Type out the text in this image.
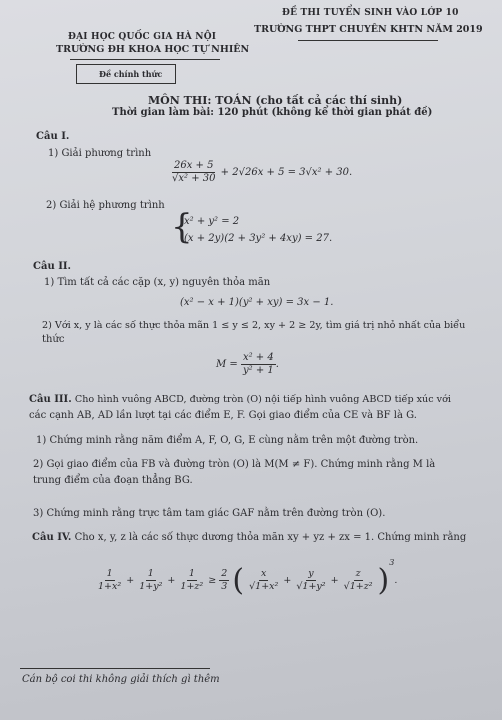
ĐẠI HỌC QUỐC GIA HÀ NỘI
TRƯỜNG ĐH KHOA HỌC TỰ NHIÊN
ĐỀ THI TUYỂN SINH VÀO LỚP 10
TRƯỜNG THPT CHUYÊN KHTN NĂM 2019
Đề chính thức
MÔN THI: TOÁN (cho tất cả các thí sinh)
Thời gian làm bài: 120 phút (không kể thời gian phát đề)
Câu I.
1) Giải phương trình
$\frac{26x + 5}{\text{√x² + 30}} + 2√26x + 5 = 3√x^2 + 30$.
2) Giải hệ phương trình
{
x² + y² = 2
(x + 2y)(2 + 3y² + 4xy) = 27.
Câu II.
1) Tìm tất cả các cặp (x, y) nguyên thỏa mãn
(x² − x + 1)(y² + xy) = 3x − 1.
2) Với x, y là các số thực thỏa mãn 1 ≤ y ≤ 2, xy + 2 ≥ 2y, tìm giá trị nhỏ nhất của biểu
thức
$M = \frac{\text{x² + 4}}{\text{y² + 1}}$ .
Câu III. Cho hình vuông ABCD, đường tròn (O) nội tiếp hình vuông ABCD tiếp xúc với
các cạnh AB, AD lần lượt tại các điểm E, F. Gọi giao điểm của CE và BF là G.
1) Chứng minh rằng năm điểm A, F, O, G, E cùng nằm trên một đường tròn.
2) Gọi giao điểm của FB và đường tròn (O) là M(M ≠ F). Chứng minh rằng M là
trung điểm của đoạn thẳng BG.
3) Chứng minh rằng trực tâm tam giác GAF nằm trên đường tròn (O).
Câu IV. Cho x, y, z là các số thực dương thỏa mãn xy + yz + zx = 1. Chứng minh rằng
$\frac{1}{\text{1+x²}} + \frac{1}{\text{1+y²}} + \frac{1}{\text{1+z²}} \ge \frac{2}{3}$ ( $\frac{x}{\text{√1+x²}} + \frac{y}{\text{√1+y²}} + \frac{z}{\text{√1+z²}} )^3$.
Cán bộ coi thi không giải thích gì thêm
